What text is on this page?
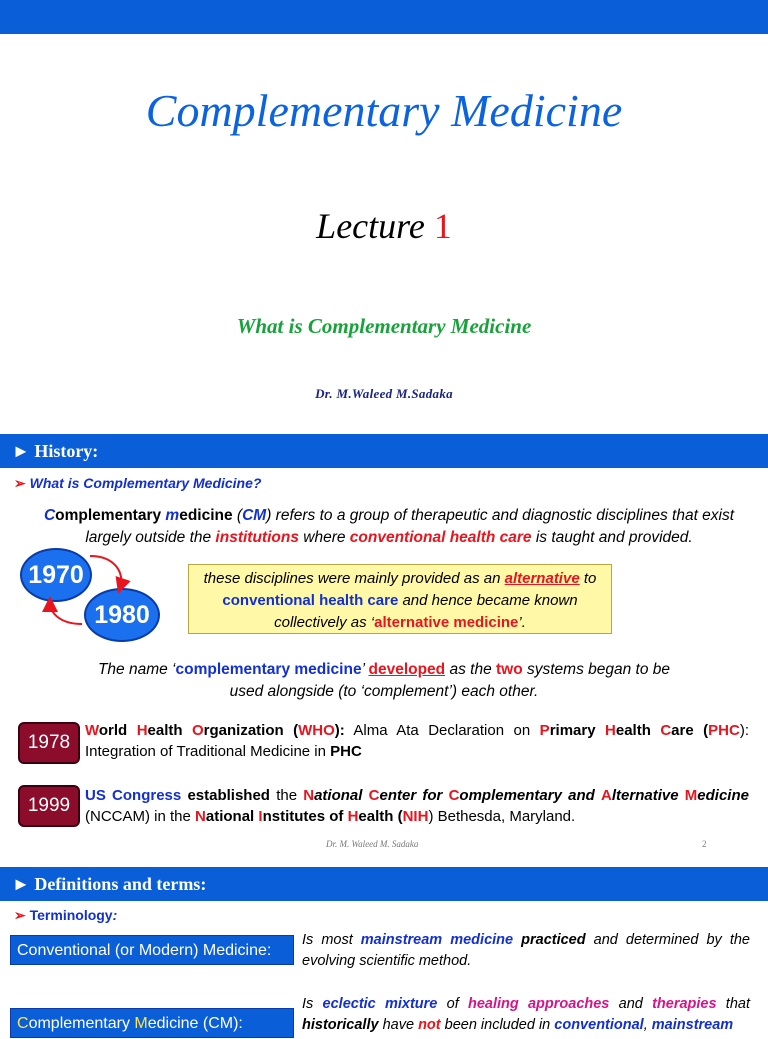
Complementary Medicine
Lecture 1
What is Complementary Medicine
Dr. M.Waleed M.Sadaka
► History:
➢ What is Complementary Medicine?
Complementary medicine (CM) refers to a group of therapeutic and diagnostic disciplines that exist largely outside the institutions where conventional health care is taught and provided.
1970
1980
these disciplines were mainly provided as an alternative to conventional health care and hence became known collectively as ‘alternative medicine’.
The name ‘complementary medicine’ developed as the two systems began to be used alongside (to ‘complement’) each other.
1978
World Health Organization (WHO): Alma Ata Declaration on Primary Health Care (PHC): Integration of Traditional Medicine in PHC
1999 US Congress established the National Center for Complementary and Alternative Medicine (NCCAM) in the National Institutes of Health (NIH) Bethesda, Maryland.
Dr. M. Waleed M. Sadaka	2
► Definitions and terms:
➢ Terminology:
Conventional (or Modern) Medicine:
Is most mainstream medicine practiced and determined by the evolving scientific method.
Complementary Medicine (CM):
Is eclectic mixture of healing approaches and therapies that historically have not been included in conventional, mainstream
